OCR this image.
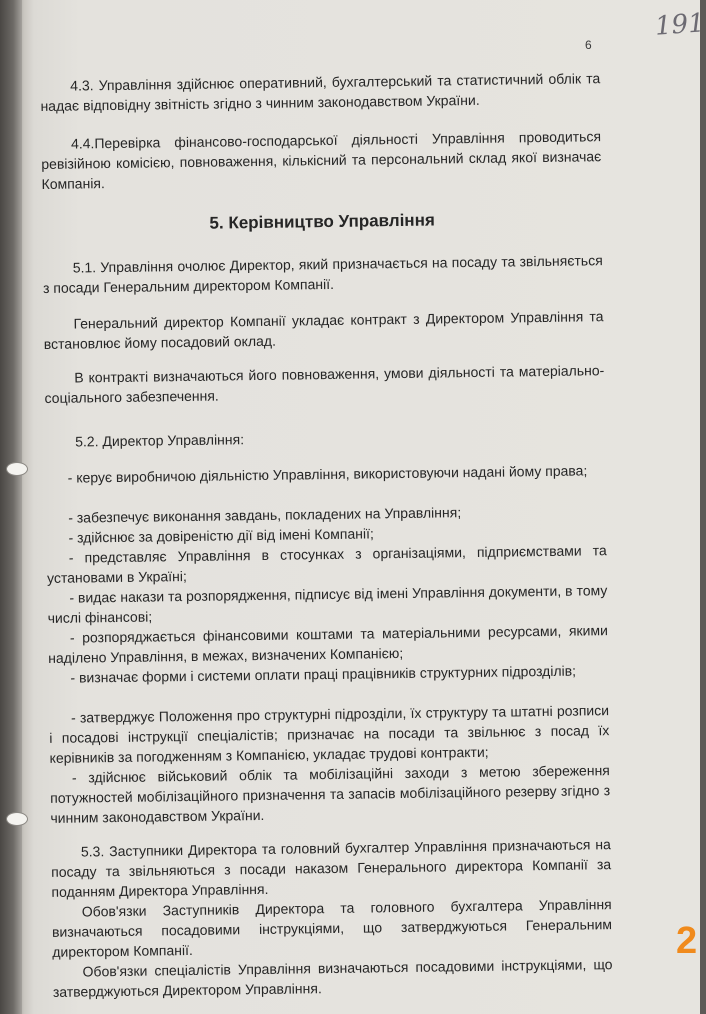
6
191
2
4.3. Управління здійснює оперативний, бухгалтерський та статистичний облік та надає відповідну звітність згідно з чинним законодавством України.
4.4.Перевірка фінансово-господарської діяльності Управління проводиться ревізійною комісією, повноваження, кількісний та персональний склад якої визначає Компанія.
5. Керівництво Управління
5.1. Управління очолює Директор, який призначається на посаду та звільняється з посади Генеральним директором Компанії.
Генеральний директор Компанії укладає контракт з Директором Управління та встановлює йому посадовий оклад.
В контракті визначаються його повноваження, умови діяльності та матеріально-соціального забезпечення.
5.2. Директор Управління:
- керує виробничою діяльністю Управління, використовуючи надані йому права;
- забезпечує виконання завдань, покладених на Управління;
- здійснює за довіреністю дії від імені Компанії;
- представляє Управління в стосунках з організаціями, підприємствами та установами в Україні;
- видає накази та розпорядження, підписує від імені Управління документи, в тому числі фінансові;
- розпоряджається фінансовими коштами та матеріальними ресурсами, якими наділено Управління, в межах, визначених Компанією;
- визначає форми і системи оплати праці працівників структурних підрозділів;
- затверджує Положення про структурні підрозділи, їх структуру та штатні розписи і посадові інструкції спеціалістів; призначає на посади та звільнює з посад їх керівників за погодженням з Компанією, укладає трудові контракти;
- здійснює військовий облік та мобілізаційні заходи з метою збереження потужностей мобілізаційного призначення та запасів мобілізаційного резерву згідно з чинним законодавством України.
5.3. Заступники Директора та головний бухгалтер Управління призначаються на посаду та звільняються з посади наказом Генерального директора Компанії за поданням Директора Управління.
Обов'язки Заступників Директора та головного бухгалтера Управління визначаються посадовими інструкціями, що затверджуються Генеральним директором Компанії.
Обов'язки спеціалістів Управління визначаються посадовими інструкціями, що затверджуються Директором Управління.
